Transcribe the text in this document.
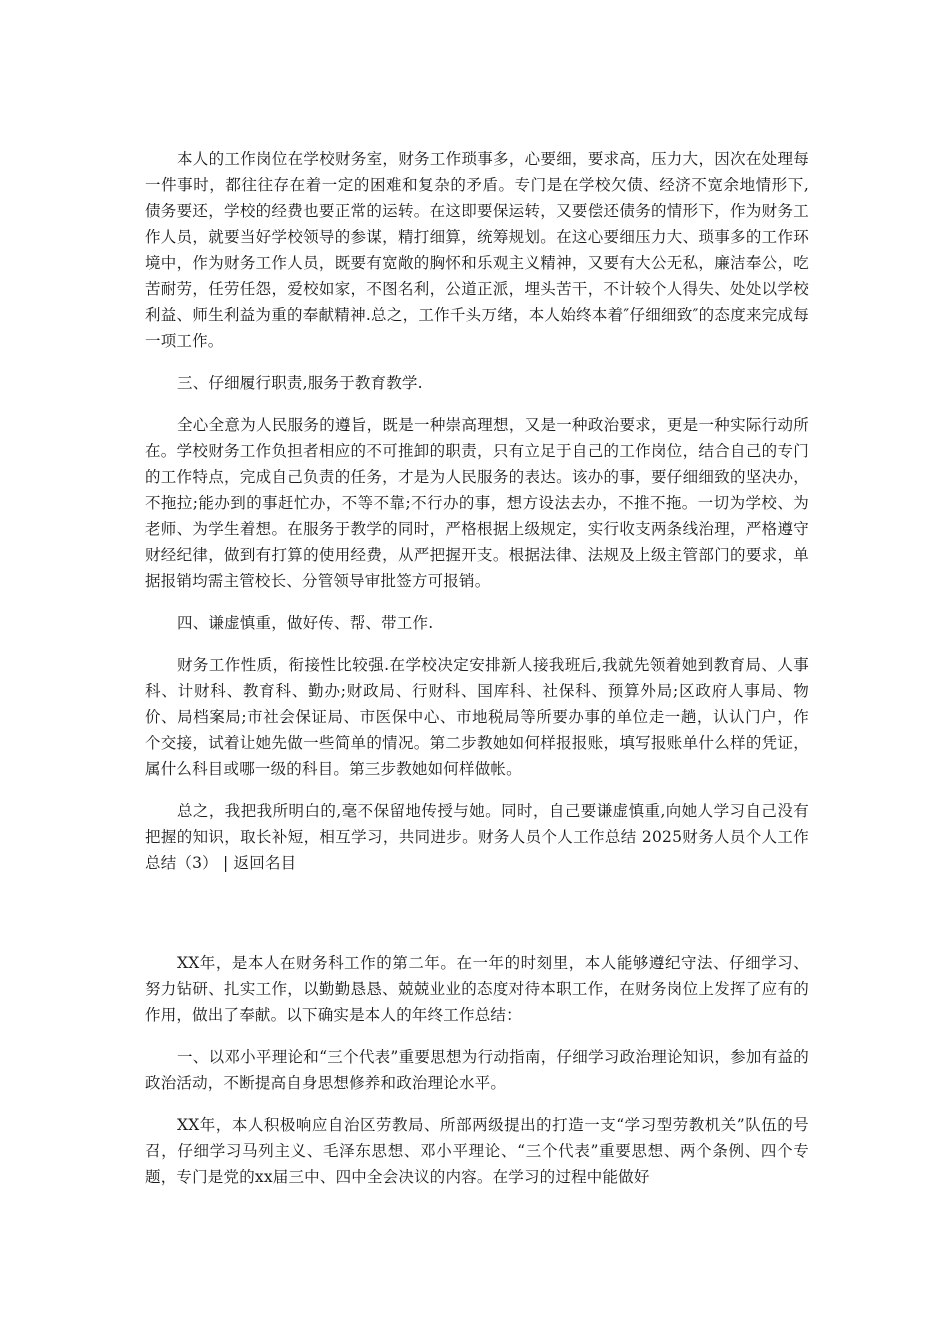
本人的工作岗位在学校财务室，财务工作琐事多，心要细，要求高，压力大，因次在处理每一件事时，都往往存在着一定的困难和复杂的矛盾。专门是在学校欠债、经济不宽余地情形下,债务要还，学校的经费也要正常的运转。在这即要保运转，又要偿还债务的情形下，作为财务工作人员，就要当好学校领导的参谋，精打细算，统筹规划。在这心要细压力大、琐事多的工作环境中，作为财务工作人员，既要有宽敞的胸怀和乐观主义精神，又要有大公无私，廉洁奉公，吃苦耐劳，任劳任怨，爱校如家，不图名利，公道正派，埋头苦干，不计较个人得失、处处以学校利益、师生利益为重的奉献精神.总之，工作千头万绪，本人始终本着″仔细细致″的态度来完成每一项工作。

三、仔细履行职责,服务于教育教学.

全心全意为人民服务的遵旨，既是一种崇高理想，又是一种政治要求，更是一种实际行动所在。学校财务工作负担者相应的不可推卸的职责，只有立足于自己的工作岗位，结合自己的专门的工作特点，完成自己负责的任务，才是为人民服务的表达。该办的事，要仔细细致的坚决办，不拖拉;能办到的事赶忙办，不等不靠;不行办的事，想方设法去办，不推不拖。一切为学校、为老师、为学生着想。在服务于教学的同时，严格根据上级规定，实行收支两条线治理，严格遵守财经纪律，做到有打算的使用经费，从严把握开支。根据法律、法规及上级主管部门的要求，单据报销均需主管校长、分管领导审批签方可报销。

四、谦虚慎重，做好传、帮、带工作.

财务工作性质，衔接性比较强.在学校决定安排新人接我班后,我就先领着她到教育局、人事科、计财科、教育科、勤办;财政局、行财科、国库科、社保科、预算外局;区政府人事局、物价、局档案局;市社会保证局、市医保中心、市地税局等所要办事的单位走一趟，认认门户，作个交接，试着让她先做一些简单的情况。第二步教她如何样报报账，填写报账单什么样的凭证，属什么科目或哪一级的科目。第三步教她如何样做帐。

总之，我把我所明白的,毫不保留地传授与她。同时，自己要谦虚慎重,向她人学习自己没有把握的知识，取长补短，相互学习，共同进步。财务人员个人工作总结 2025财务人员个人工作总结（3） | 返回名目

XX年，是本人在财务科工作的第二年。在一年的时刻里，本人能够遵纪守法、仔细学习、努力钻研、扎实工作，以勤勤恳恳、兢兢业业的态度对待本职工作，在财务岗位上发挥了应有的作用，做出了奉献。以下确实是本人的年终工作总结：

一、以邓小平理论和“三个代表”重要思想为行动指南，仔细学习政治理论知识，参加有益的政治活动，不断提高自身思想修养和政治理论水平。

XX年，本人积极响应自治区劳教局、所部两级提出的打造一支“学习型劳教机关”队伍的号召，仔细学习马列主义、毛泽东思想、邓小平理论、“三个代表”重要思想、两个条例、四个专题，专门是党的xx届三中、四中全会决议的内容。在学习的过程中能做好
